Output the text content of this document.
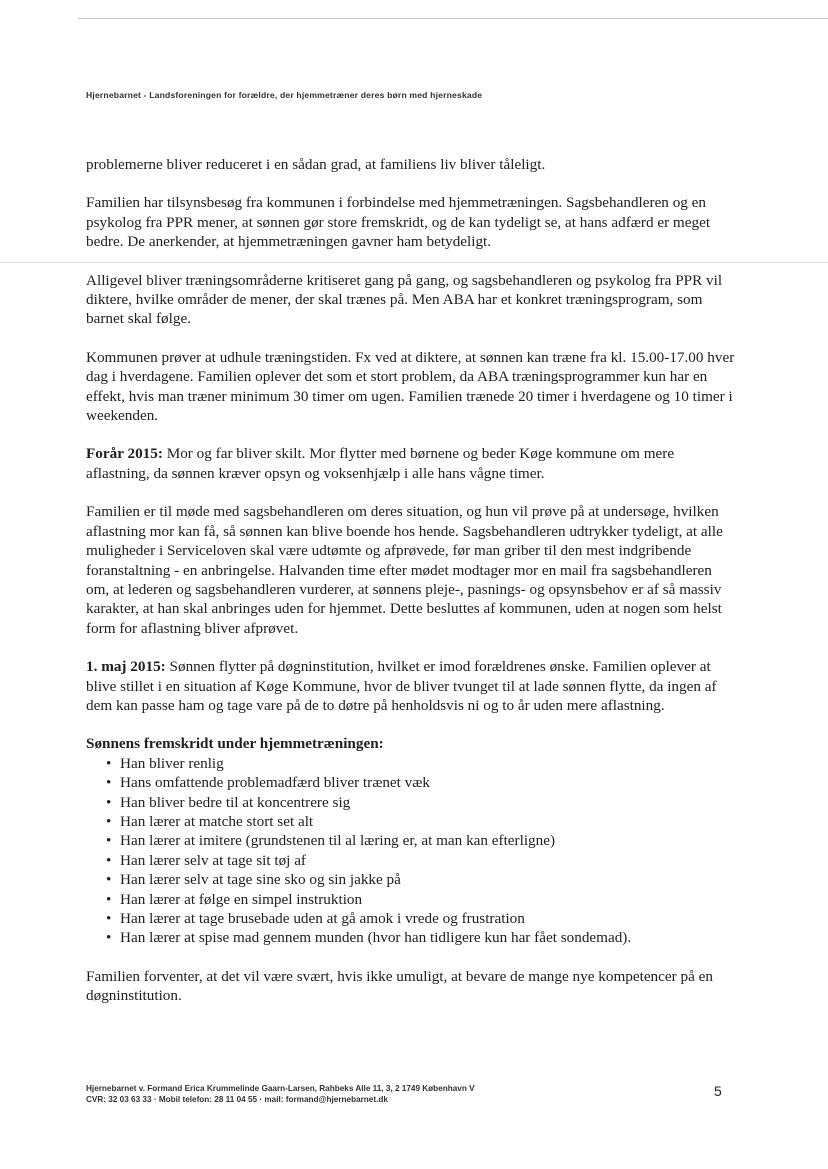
Hjernebarnet - Landsforeningen for forældre, der hjemmetræner deres børn med hjerneskade

problemerne bliver reduceret i en sådan grad, at familiens liv bliver tåleligt.

Familien har tilsynsbesøg fra kommunen i forbindelse med hjemmetræningen. Sagsbehandleren og en psykolog fra PPR mener, at sønnen gør store fremskridt, og de kan tydeligt se, at hans adfærd er meget bedre. De anerkender, at hjemmetræningen gavner ham betydeligt.

Alligevel bliver træningsområderne kritiseret gang på gang, og sagsbehandleren og psykolog fra PPR vil diktere, hvilke områder de mener, der skal trænes på. Men ABA har et konkret træningsprogram, som barnet skal følge.

Kommunen prøver at udhule træningstiden. Fx ved at diktere, at sønnen kan træne fra kl. 15.00-17.00 hver dag i hverdagene. Familien oplever det som et stort problem, da ABA træningsprogrammer kun har en effekt, hvis man træner minimum 30 timer om ugen. Familien trænede 20 timer i hverdagene og 10 timer i weekenden.

Forår 2015: Mor og far bliver skilt. Mor flytter med børnene og beder Køge kommune om mere aflastning, da sønnen kræver opsyn og voksenhjælp i alle hans vågne timer.

Familien er til møde med sagsbehandleren om deres situation, og hun vil prøve på at undersøge, hvilken aflastning mor kan få, så sønnen kan blive boende hos hende. Sagsbehandleren udtrykker tydeligt, at alle muligheder i Serviceloven skal være udtømte og afprøvede, før man griber til den mest indgribende foranstaltning - en anbringelse. Halvanden time efter mødet modtager mor en mail fra sagsbehandleren om, at lederen og sagsbehandleren vurderer, at sønnens pleje-, pasnings- og opsynsbehov er af så massiv karakter, at han skal anbringes uden for hjemmet. Dette besluttes af kommunen, uden at nogen som helst form for aflastning bliver afprøvet.

1. maj 2015: Sønnen flytter på døgninstitution, hvilket er imod forældrenes ønske. Familien oplever at blive stillet i en situation af Køge Kommune, hvor de bliver tvunget til at lade sønnen flytte, da ingen af dem kan passe ham og tage vare på de to døtre på henholdsvis ni og to år uden mere aflastning.

Sønnens fremskridt under hjemmetræningen:

• Han bliver renlig
• Hans omfattende problemadfærd bliver trænet væk
• Han bliver bedre til at koncentrere sig
• Han lærer at matche stort set alt
• Han lærer at imitere (grundstenen til al læring er, at man kan efterligne)
• Han lærer selv at tage sit tøj af
• Han lærer selv at tage sine sko og sin jakke på
• Han lærer at følge en simpel instruktion
• Han lærer at tage brusebade uden at gå amok i vrede og frustration
• Han lærer at spise mad gennem munden (hvor han tidligere kun har fået sondemad).

Familien forventer, at det vil være svært, hvis ikke umuligt, at bevare de mange nye kompetencer på en døgninstitution.

Hjernebarnet v. Formand Erica Krummelinde Gaarn-Larsen, Rahbeks Alle 11, 3, 2 1749 København V
CVR: 32 03 63 33 · Mobil telefon: 28 11 04 55 · mail: formand@hjernebarnet.dk
5
